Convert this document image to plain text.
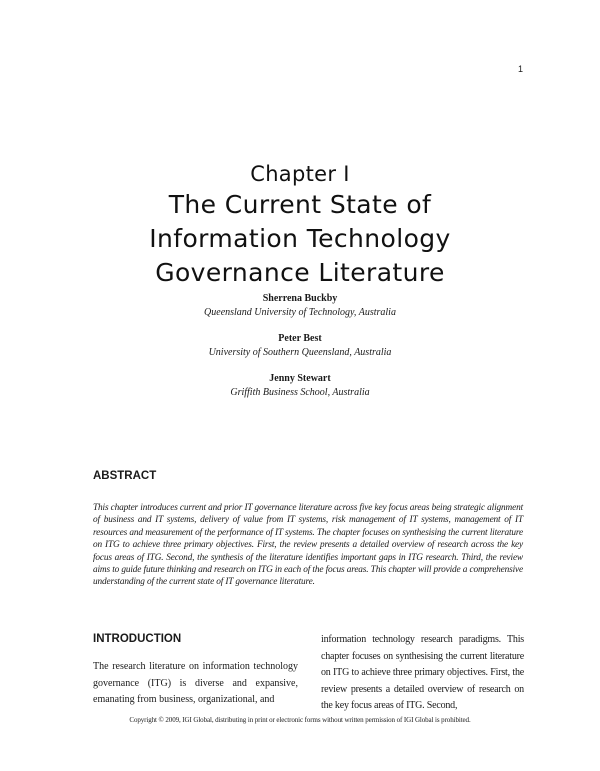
1
Chapter I
The Current State of
Information Technology
Governance Literature
Sherrena Buckby
Queensland University of Technology, Australia
Peter Best
University of Southern Queensland, Australia
Jenny Stewart
Griffith Business School, Australia
ABSTRACT
This chapter introduces current and prior IT governance literature across five key focus areas being strategic alignment of business and IT systems, delivery of value from IT systems, risk management of IT systems, management of IT resources and measurement of the performance of IT systems. The chapter focuses on synthesising the current literature on ITG to achieve three primary objectives. First, the review presents a detailed overview of research across the key focus areas of ITG. Second, the synthesis of the literature identifies important gaps in ITG research. Third, the review aims to guide future thinking and research on ITG in each of the focus areas. This chapter will provide a comprehensive understanding of the current state of IT governance literature.
INTRODUCTION
The research literature on information technology governance (ITG) is diverse and expansive, emanating from business, organizational, and
information technology research paradigms. This chapter focuses on synthesising the current literature on ITG to achieve three primary objectives. First, the review presents a detailed overview of research on the key focus areas of ITG. Second,
Copyright © 2009, IGI Global, distributing in print or electronic forms without written permission of IGI Global is prohibited.
